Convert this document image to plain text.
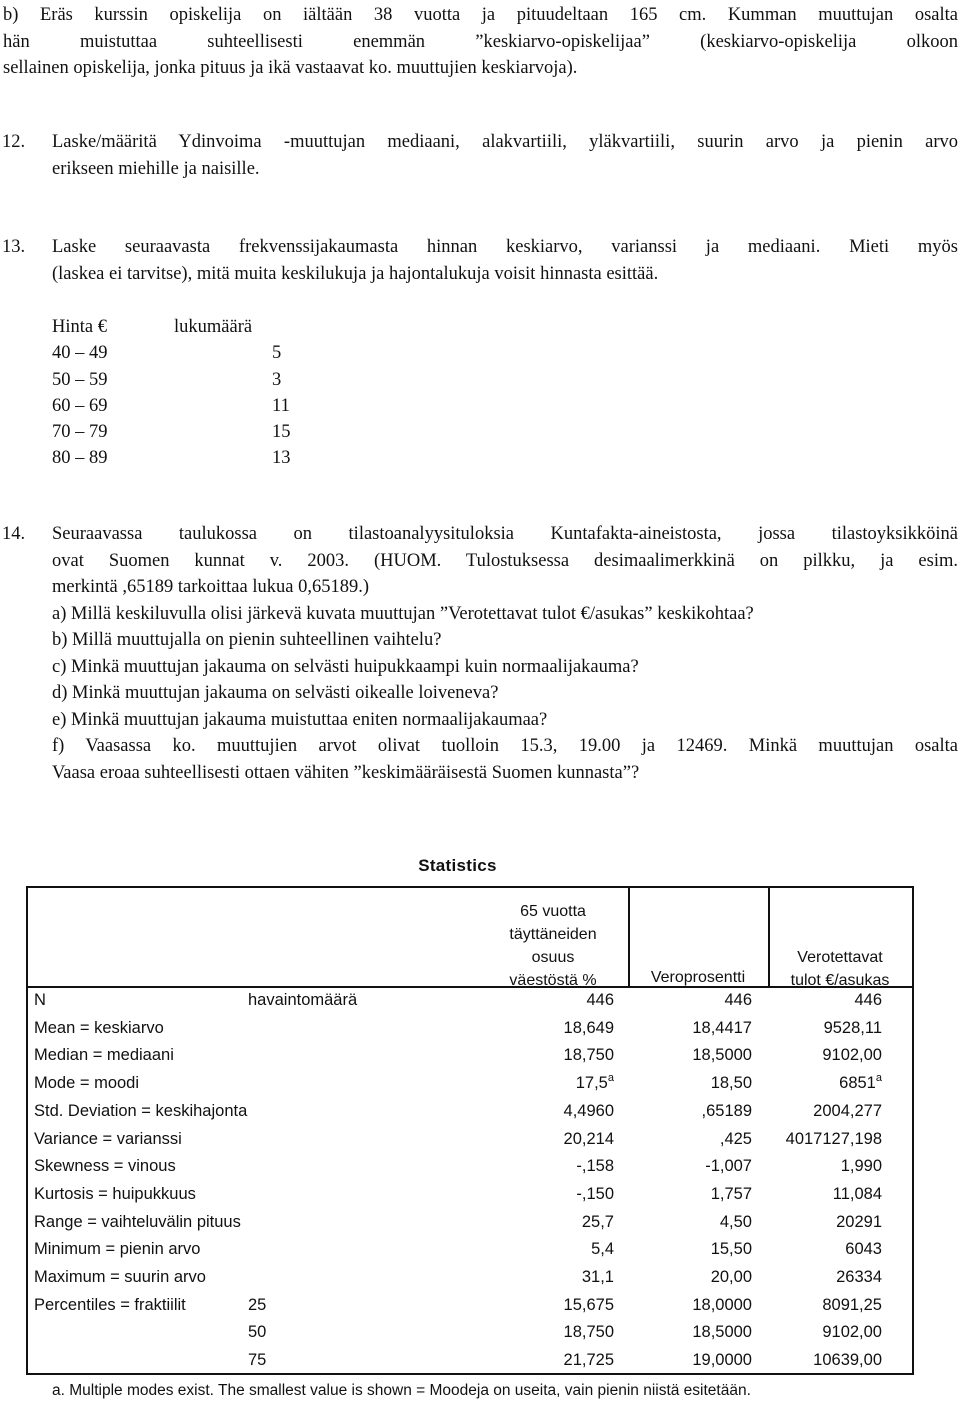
b) Eräs kurssin opiskelija on iältään 38 vuotta ja pituudeltaan 165 cm. Kumman muuttujan osalta

hän muistuttaa suhteellisesti enemmän ”keskiarvo-opiskelijaa” (keskiarvo-opiskelija olkoon

sellainen opiskelija, jonka pituus ja ikä vastaavat ko. muuttujien keskiarvoja).

12. Laske/määritä Ydinvoima -muuttujan mediaani, alakvartiili, yläkvartiili, suurin arvo ja pienin arvo

erikseen miehille ja naisille.

13. Laske seuraavasta frekvenssijakaumasta hinnan keskiarvo, varianssi ja mediaani. Mieti myös

(laskea ei tarvitse), mitä muita keskilukuja ja hajontalukuja voisit hinnasta esittää.

Hinta €	lukumäärä
40 – 49	5
50 – 59	3
60 – 69	11
70 – 79	15
80 – 89	13
14. Seuraavassa taulukossa on tilastoanalyysituloksia Kuntafakta-aineistosta, jossa tilastoyksikköinä

ovat Suomen kunnat v. 2003. (HUOM. Tulostuksessa desimaalimerkkinä on pilkku, ja esim.

merkintä ,65189 tarkoittaa lukua 0,65189.)

a) Millä keskiluvulla olisi järkevä kuvata muuttujan ”Verotettavat tulot €/asukas” keskikohtaa?

b) Millä muuttujalla on pienin suhteellinen vaihtelu?

c) Minkä muuttujan jakauma on selvästi huipukkaampi kuin normaalijakauma?

d) Minkä muuttujan jakauma on selvästi oikealle loiveneva?

e) Minkä muuttujan jakauma muistuttaa eniten normaalijakaumaa?

f) Vaasassa ko. muuttujien arvot olivat tuolloin 15.3, 19.00 ja 12469. Minkä muuttujan osalta

Vaasa eroaa suhteellisesti ottaen vähiten ”keskimääräisestä Suomen kunnasta”?

Statistics
65 vuotta
täyttäneiden
osuus
väestöstä %	Veroprosentti
Verotettavat
tulot €/asukas
N	havaintomäärä	446	446	446
Mean = keskiarvo	18,649	18,4417	9528,11
Median = mediaani	18,750	18,5000	9102,00
Mode = moodi	17,5$^a$	18,50	6851$^a$
Std. Deviation = keskihajonta	4,4960	,65189	2004,277
Variance = varianssi	20,214	,425 4017127,198
Skewness = vinous	-,158	-1,007	1,990
Kurtosis = huipukkuus	-,150	1,757	11,084
Range = vaihteluvälin pituus	25,7	4,50	20291
Minimum = pienin arvo	5,4	15,50	6043
Maximum = suurin arvo	31,1	20,00	26334
Percentiles = fraktiilit	25	15,675	18,0000	8091,25
50	18,750	18,5000	9102,00
75	21,725	19,0000	10639,00
a. Multiple modes exist. The smallest value is shown = Moodeja on useita, vain pienin niistä esitetään.
